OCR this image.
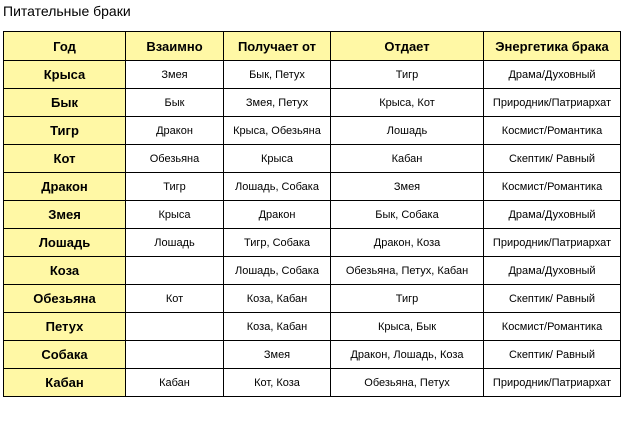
Питательные браки
Год	Взаимно	Получает от	Отдает	Энергетика брака
Крыса	Змея	Бык, Петух	Тигр	Драма/Духовный
Бык	Бык	Змея, Петух	Крыса, Кот	Природник/Патриархат
Тигр	Дракон	Крыса, Обезьяна	Лошадь	Космист/Романтика
Кот	Обезьяна	Крыса	Кабан	Скептик/ Равный
Дракон	Тигр	Лошадь, Собака	Змея	Космист/Романтика
Змея	Крыса	Дракон	Бык, Собака	Драма/Духовный
Лошадь	Лошадь	Тигр, Собака	Дракон, Коза	Природник/Патриархат
Коза		Лошадь, Собака	Обезьяна, Петух, Кабан	Драма/Духовный
Обезьяна	Кот	Коза, Кабан	Тигр	Скептик/ Равный
Петух		Коза, Кабан	Крыса, Бык	Космист/Романтика
Собака		Змея	Дракон, Лошадь, Коза	Скептик/ Равный
Кабан	Кабан	Кот, Коза	Обезьяна, Петух	Природник/Патриархат
